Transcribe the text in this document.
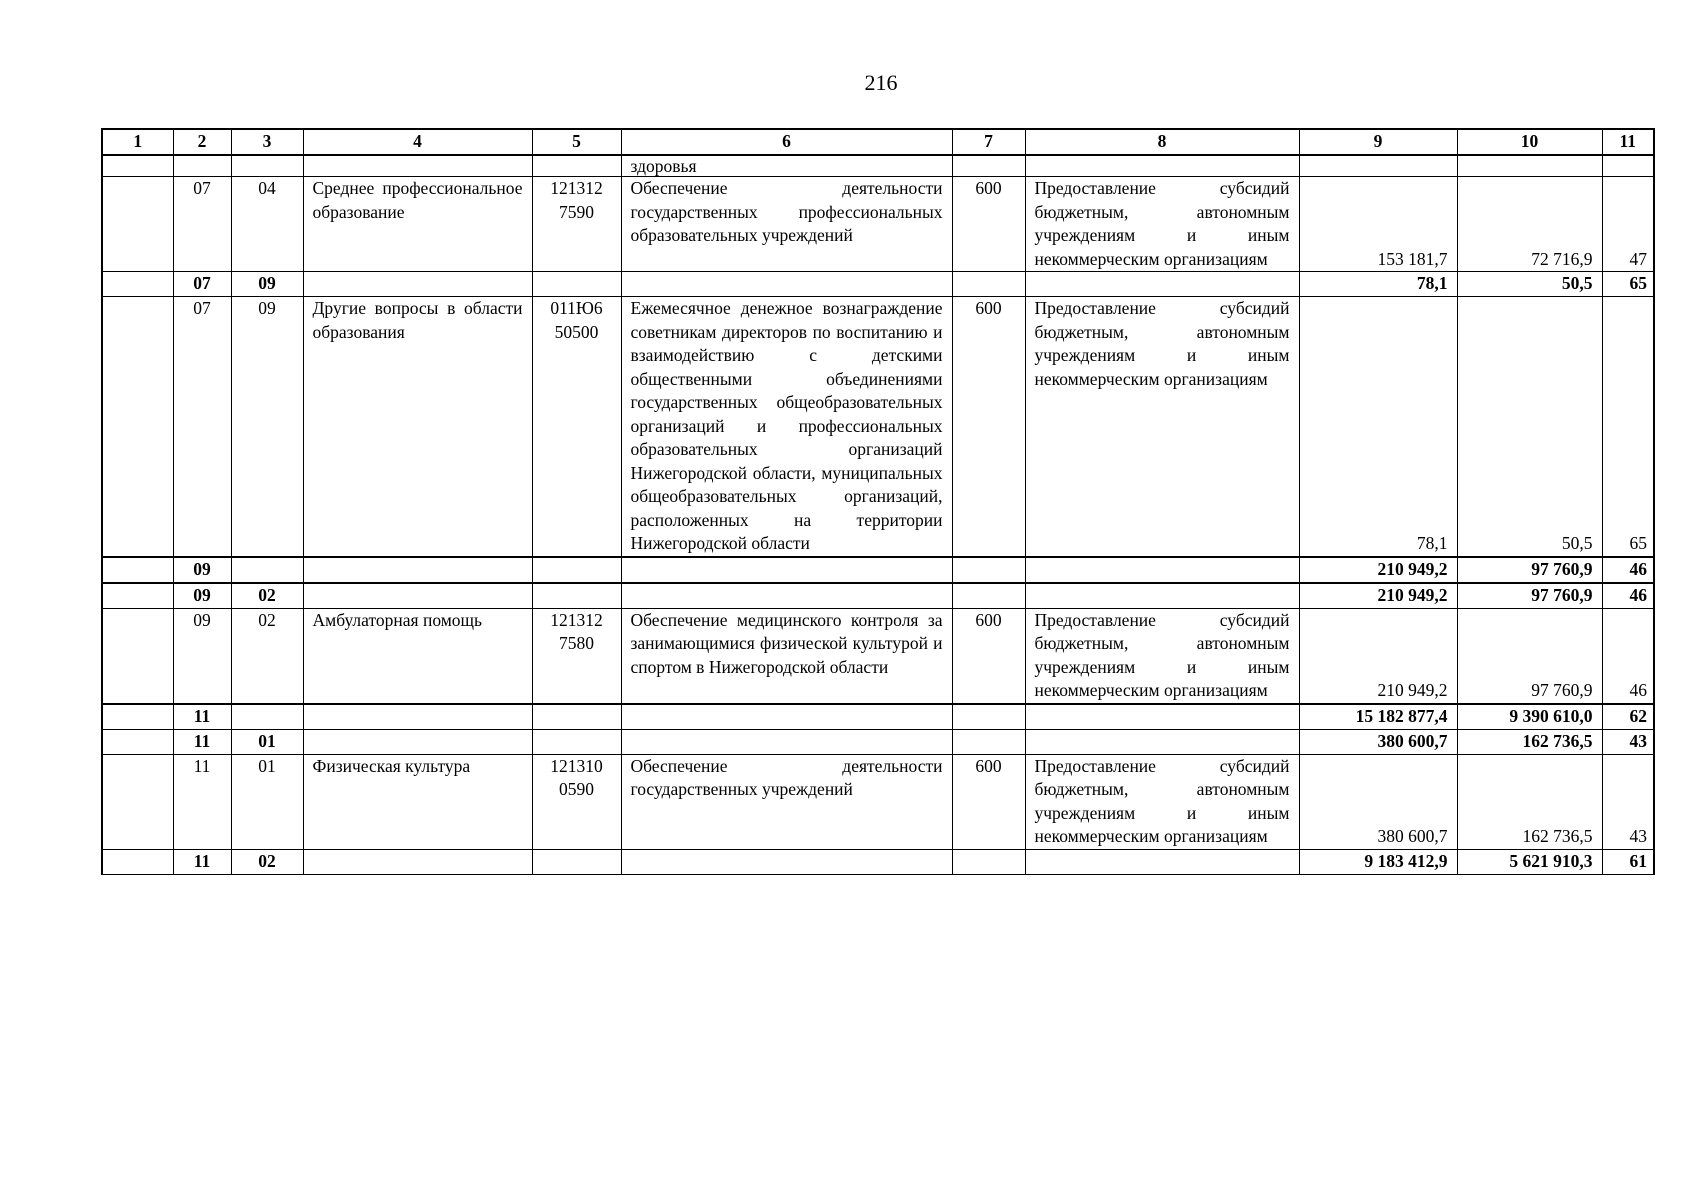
216
1	2	3	4	5	6	7	8	9	10	11
					здоровья					
	07	04	Среднее профессиональное образование	121312 7590	Обеспечение деятельности государственных профессиональных образовательных учреждений	600	Предоставление субсидий бюджетным, автономным учреждениям и иным некоммерческим организациям	153 181,7	72 716,9	47
	07	09						78,1	50,5	65
	07	09	Другие вопросы в области образования	011Ю6 50500	Ежемесячное денежное вознаграждение советникам директоров по воспитанию и взаимодействию с детскими общественными объединениями государственных общеобразовательных организаций и профессиональных образовательных организаций Нижегородской области, муниципальных общеобразовательных организаций, расположенных на территории Нижегородской области	600	Предоставление субсидий бюджетным, автономным учреждениям и иным некоммерческим организациям	78,1	50,5	65
	09							210 949,2	97 760,9	46
	09	02						210 949,2	97 760,9	46
	09	02	Амбулаторная помощь	121312 7580	Обеспечение медицинского контроля за занимающимися физической культурой и спортом в Нижегородской области	600	Предоставление субсидий бюджетным, автономным учреждениям и иным некоммерческим организациям	210 949,2	97 760,9	46
	11							15 182 877,4	9 390 610,0	62
	11	01						380 600,7	162 736,5	43
	11	01	Физическая культура	121310 0590	Обеспечение деятельности государственных учреждений	600	Предоставление субсидий бюджетным, автономным учреждениям и иным некоммерческим организациям	380 600,7	162 736,5	43
	11	02						9 183 412,9	5 621 910,3	61
